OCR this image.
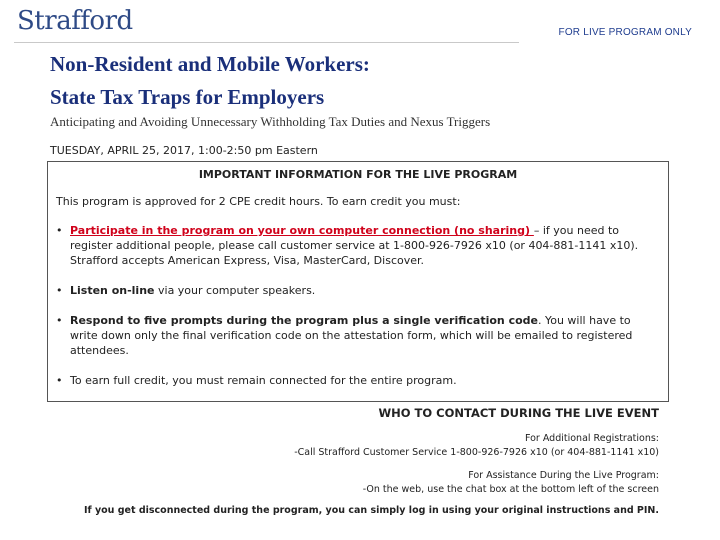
Strafford	FOR LIVE PROGRAM ONLY
Non-Resident and Mobile Workers:
State Tax Traps for Employers
Anticipating and Avoiding Unnecessary Withholding Tax Duties and Nexus Triggers
TUESDAY, APRIL 25, 2017, 1:00-2:50 pm Eastern
IMPORTANT INFORMATION FOR THE LIVE PROGRAM

This program is approved for 2 CPE credit hours. To earn credit you must:

• Participate in the program on your own computer connection (no sharing) – if you need to register additional people, please call customer service at 1-800-926-7926 x10 (or 404-881-1141 x10). Strafford accepts American Express, Visa, MasterCard, Discover.
• Listen on-line via your computer speakers.
• Respond to five prompts during the program plus a single verification code. You will have to write down only the final verification code on the attestation form, which will be emailed to registered attendees.
• To earn full credit, you must remain connected for the entire program.
WHO TO CONTACT DURING THE LIVE EVENT
For Additional Registrations:
-Call Strafford Customer Service 1-800-926-7926 x10 (or 404-881-1141 x10)
For Assistance During the Live Program:
-On the web, use the chat box at the bottom left of the screen
If you get disconnected during the program, you can simply log in using your original instructions and PIN.
